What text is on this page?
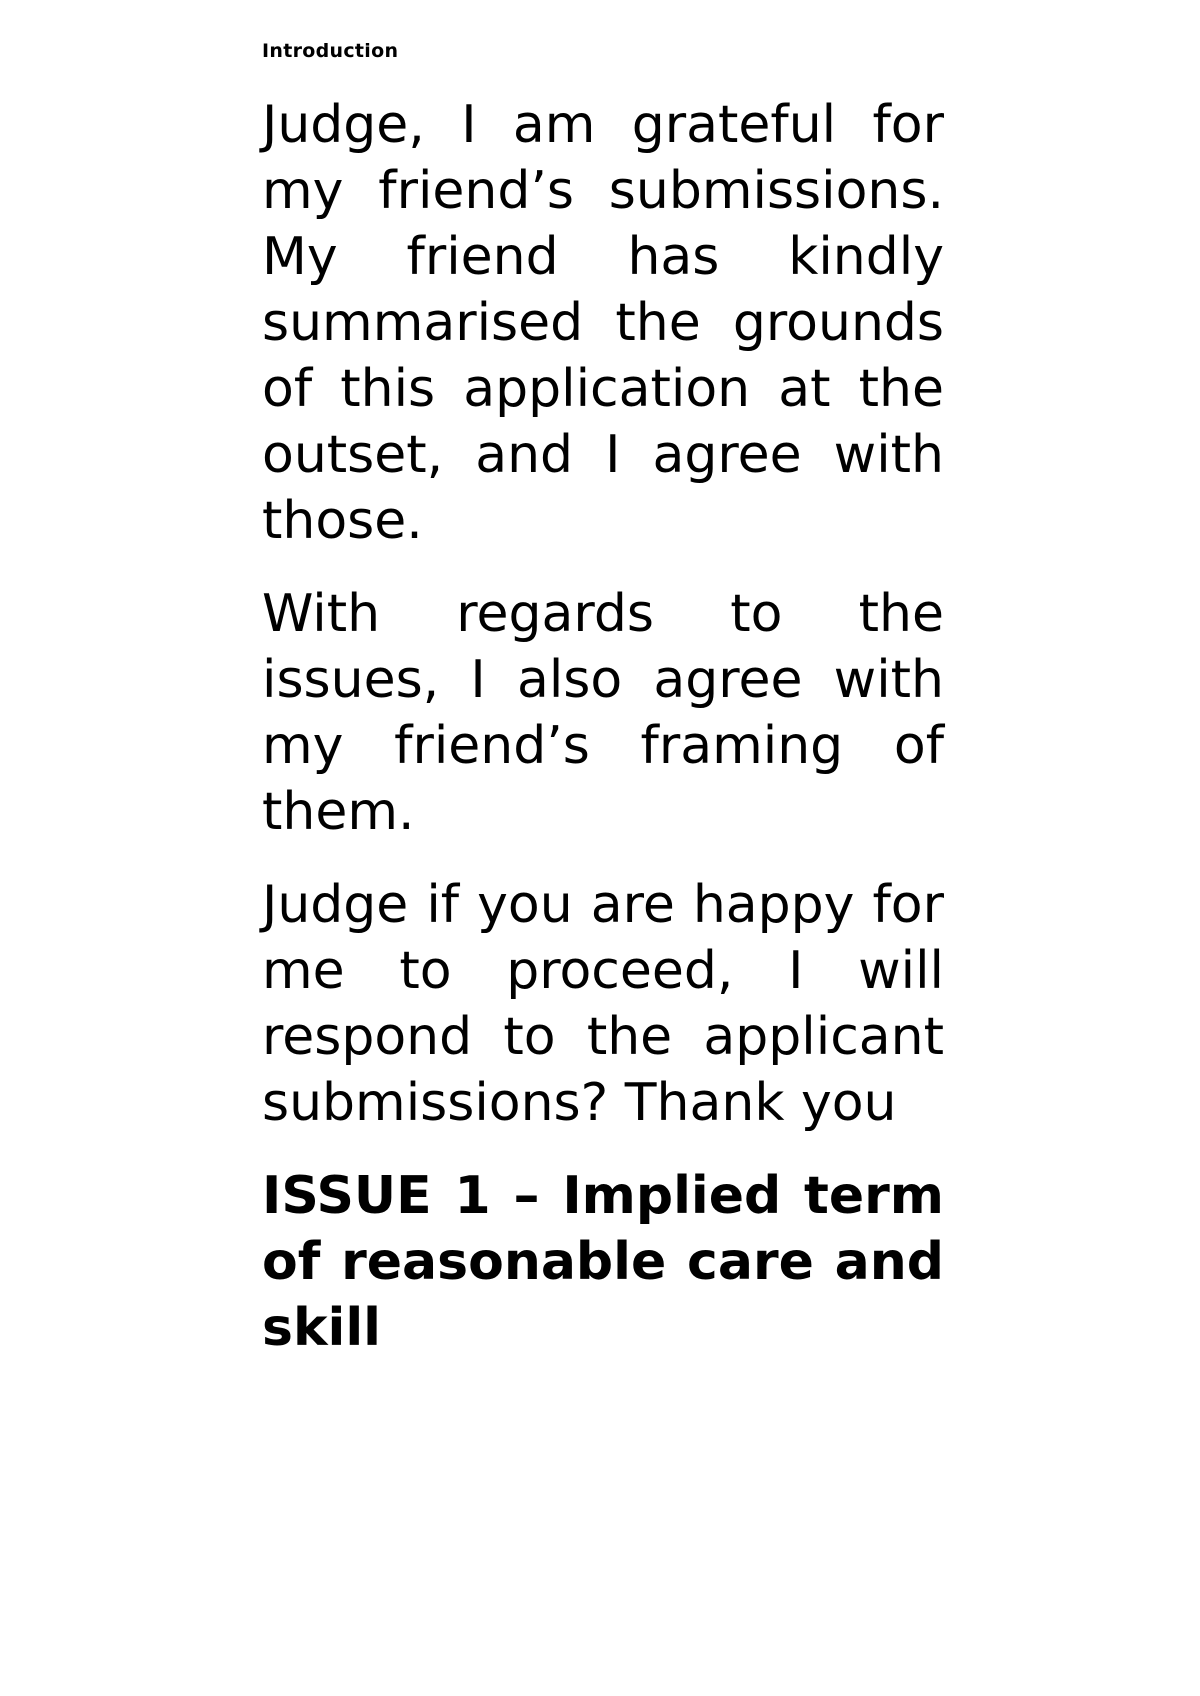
Introduction

Judge, I am grateful for my friend’s submissions. My friend has kindly summarised the grounds of this application at the outset, and I agree with those.

With regards to the issues, I also agree with my friend’s framing of them.

Judge if you are happy for me to proceed, I will respond to the applicant submissions? Thank you

ISSUE 1 – Implied term of reasonable care and skill
